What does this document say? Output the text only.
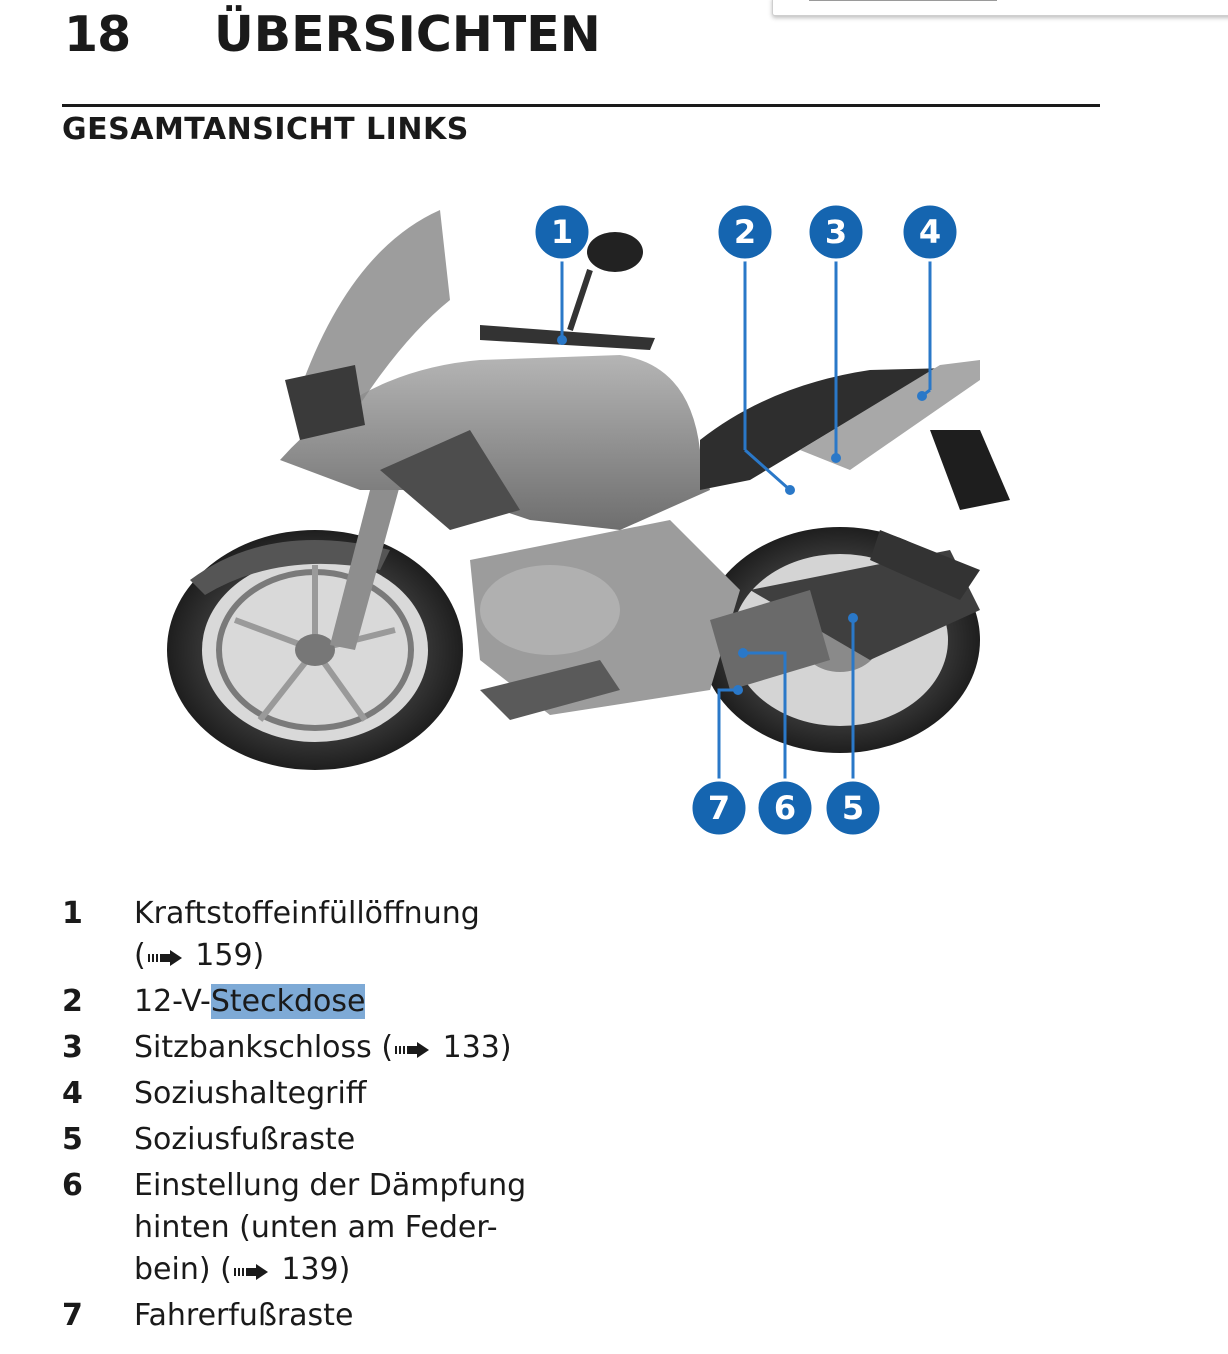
18 ÜBERSICHTEN
GESAMTANSICHT LINKS
1	2 3 4
5
6
7
1	Kraftstoffeinfüllöffnung
( 159)
2	12-V-Steckdose
3	Sitzbankschloss ( 133)
4	Soziushaltegriff
5	Soziusfußraste
6	Einstellung der Dämpfung
hinten (unten am Feder-
bein) ( 139)
7	Fahrerfußraste
